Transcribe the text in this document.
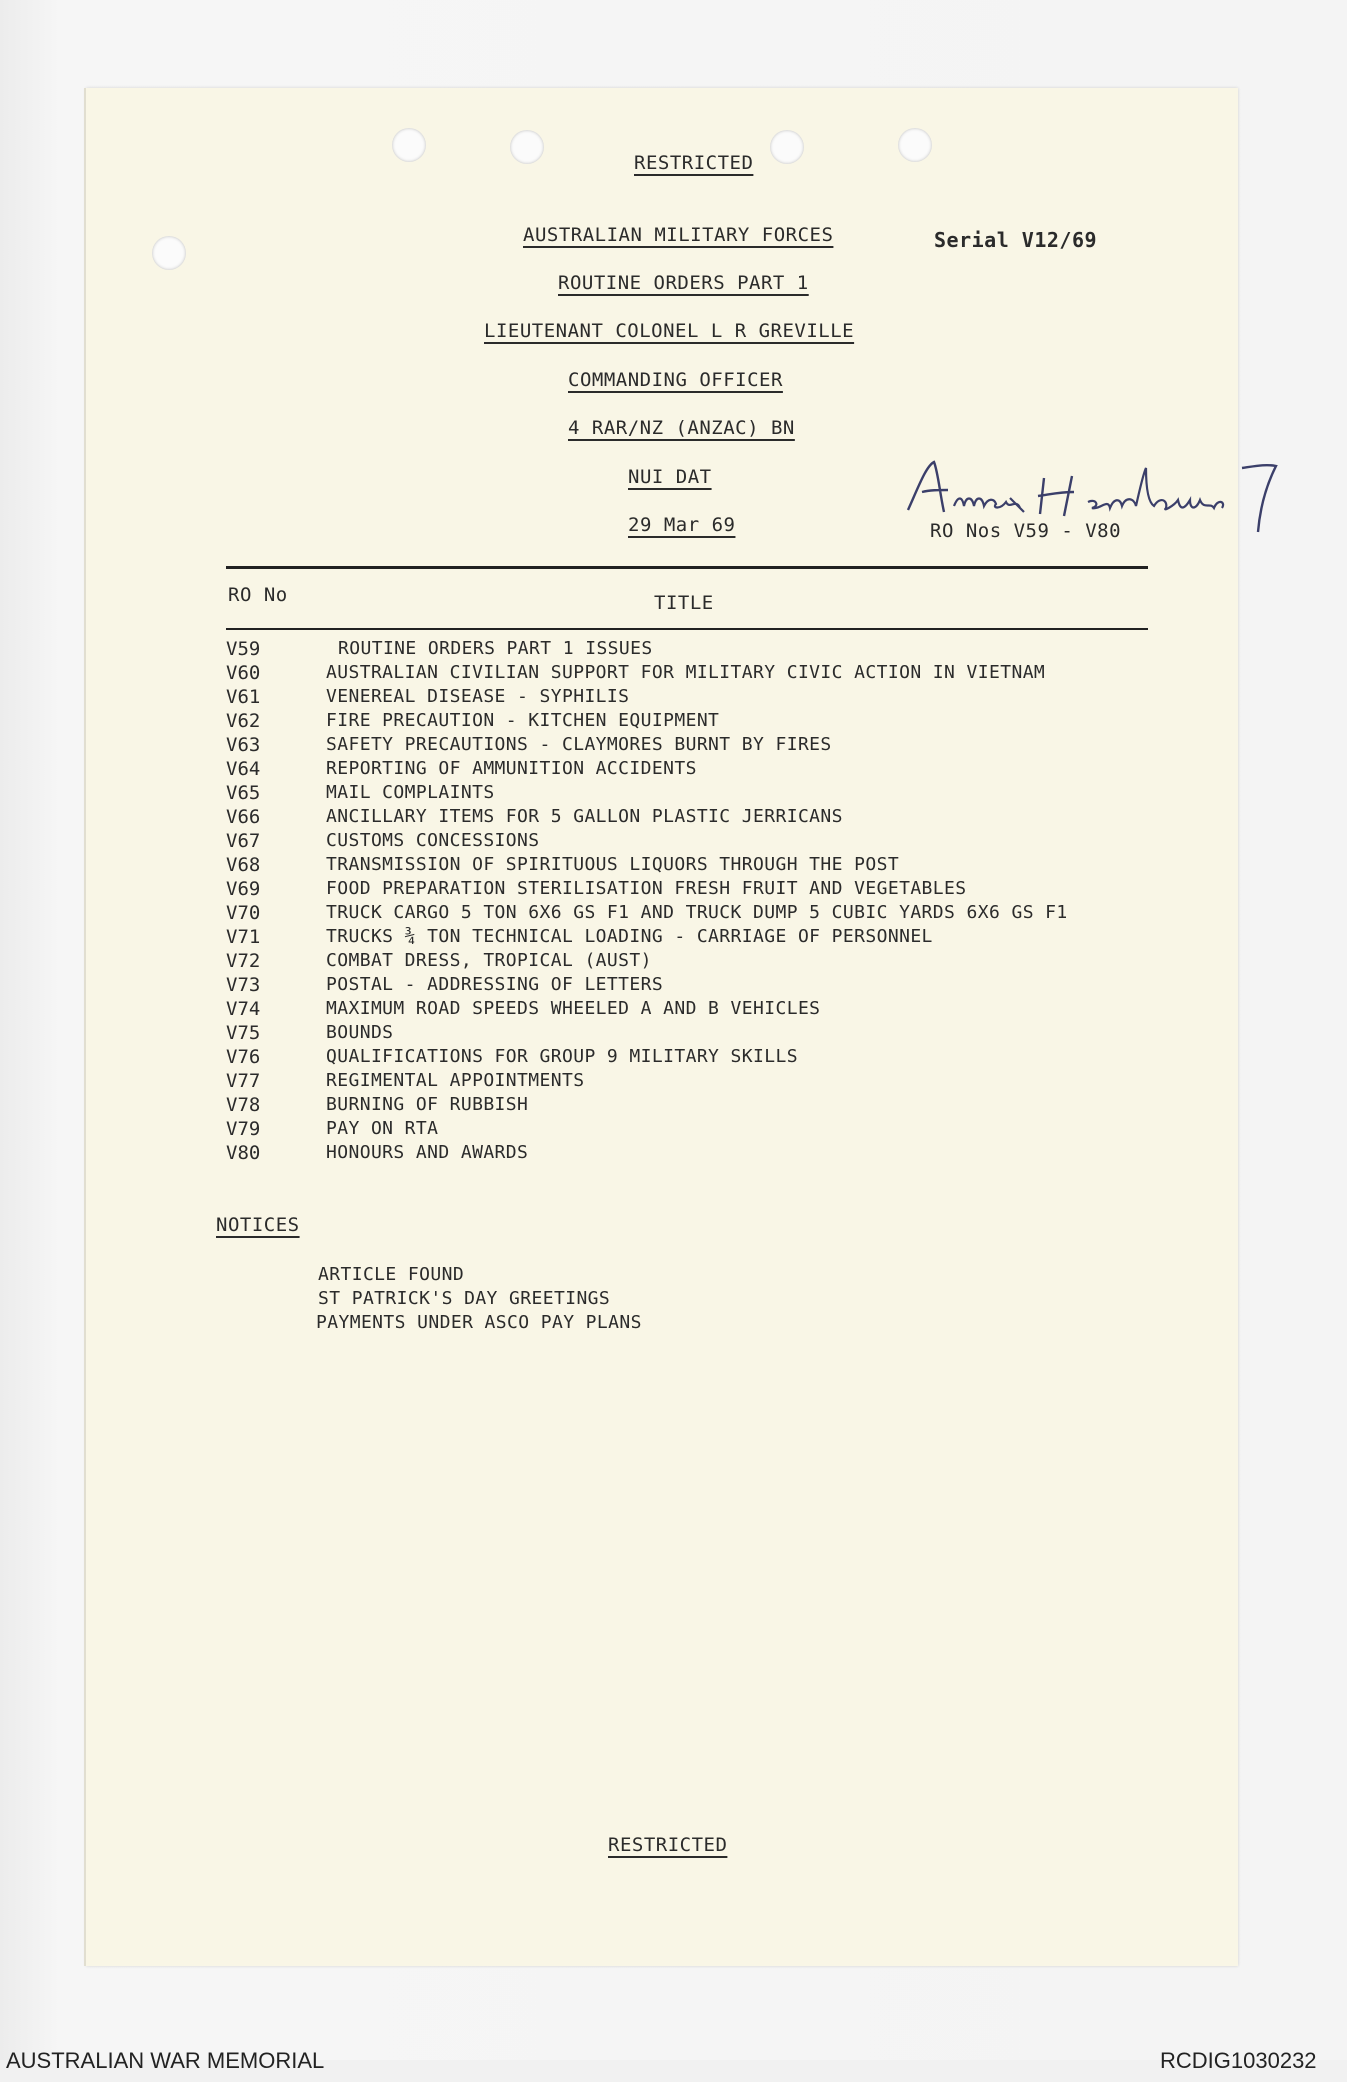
RESTRICTED
AUSTRALIAN MILITARY FORCES	Serial V12/69
ROUTINE ORDERS PART 1
LIEUTENANT COLONEL L R GREVILLE
COMMANDING OFFICER
4 RAR/NZ (ANZAC) BN
NUI DAT
29 Mar 69	RO Nos V59 - V80
RO No	TITLE
V59	ROUTINE ORDERS PART 1 ISSUES
V60	AUSTRALIAN CIVILIAN SUPPORT FOR MILITARY CIVIC ACTION IN VIETNAM
V61	VENEREAL DISEASE - SYPHILIS
V62	FIRE PRECAUTION - KITCHEN EQUIPMENT
V63	SAFETY PRECAUTIONS - CLAYMORES BURNT BY FIRES
V64	REPORTING OF AMMUNITION ACCIDENTS
V65	MAIL COMPLAINTS
V66	ANCILLARY ITEMS FOR 5 GALLON PLASTIC JERRICANS
V67	CUSTOMS CONCESSIONS
V68	TRANSMISSION OF SPIRITUOUS LIQUORS THROUGH THE POST
V69	FOOD PREPARATION STERILISATION FRESH FRUIT AND VEGETABLES
V70	TRUCK CARGO 5 TON 6X6 GS F1 AND TRUCK DUMP 5 CUBIC YARDS 6X6 GS F1
V71	TRUCKS ¾ TON TECHNICAL LOADING - CARRIAGE OF PERSONNEL
V72	COMBAT DRESS, TROPICAL (AUST)
V73	POSTAL - ADDRESSING OF LETTERS
V74	MAXIMUM ROAD SPEEDS WHEELED A AND B VEHICLES
V75	BOUNDS
V76	QUALIFICATIONS FOR GROUP 9 MILITARY SKILLS
V77	REGIMENTAL APPOINTMENTS
V78	BURNING OF RUBBISH
V79	PAY ON RTA
V80	HONOURS AND AWARDS
NOTICES
ARTICLE FOUND
ST PATRICK'S DAY GREETINGS
PAYMENTS UNDER ASCO PAY PLANS
RESTRICTED
AUSTRALIAN WAR MEMORIAL	RCDIG1030232
